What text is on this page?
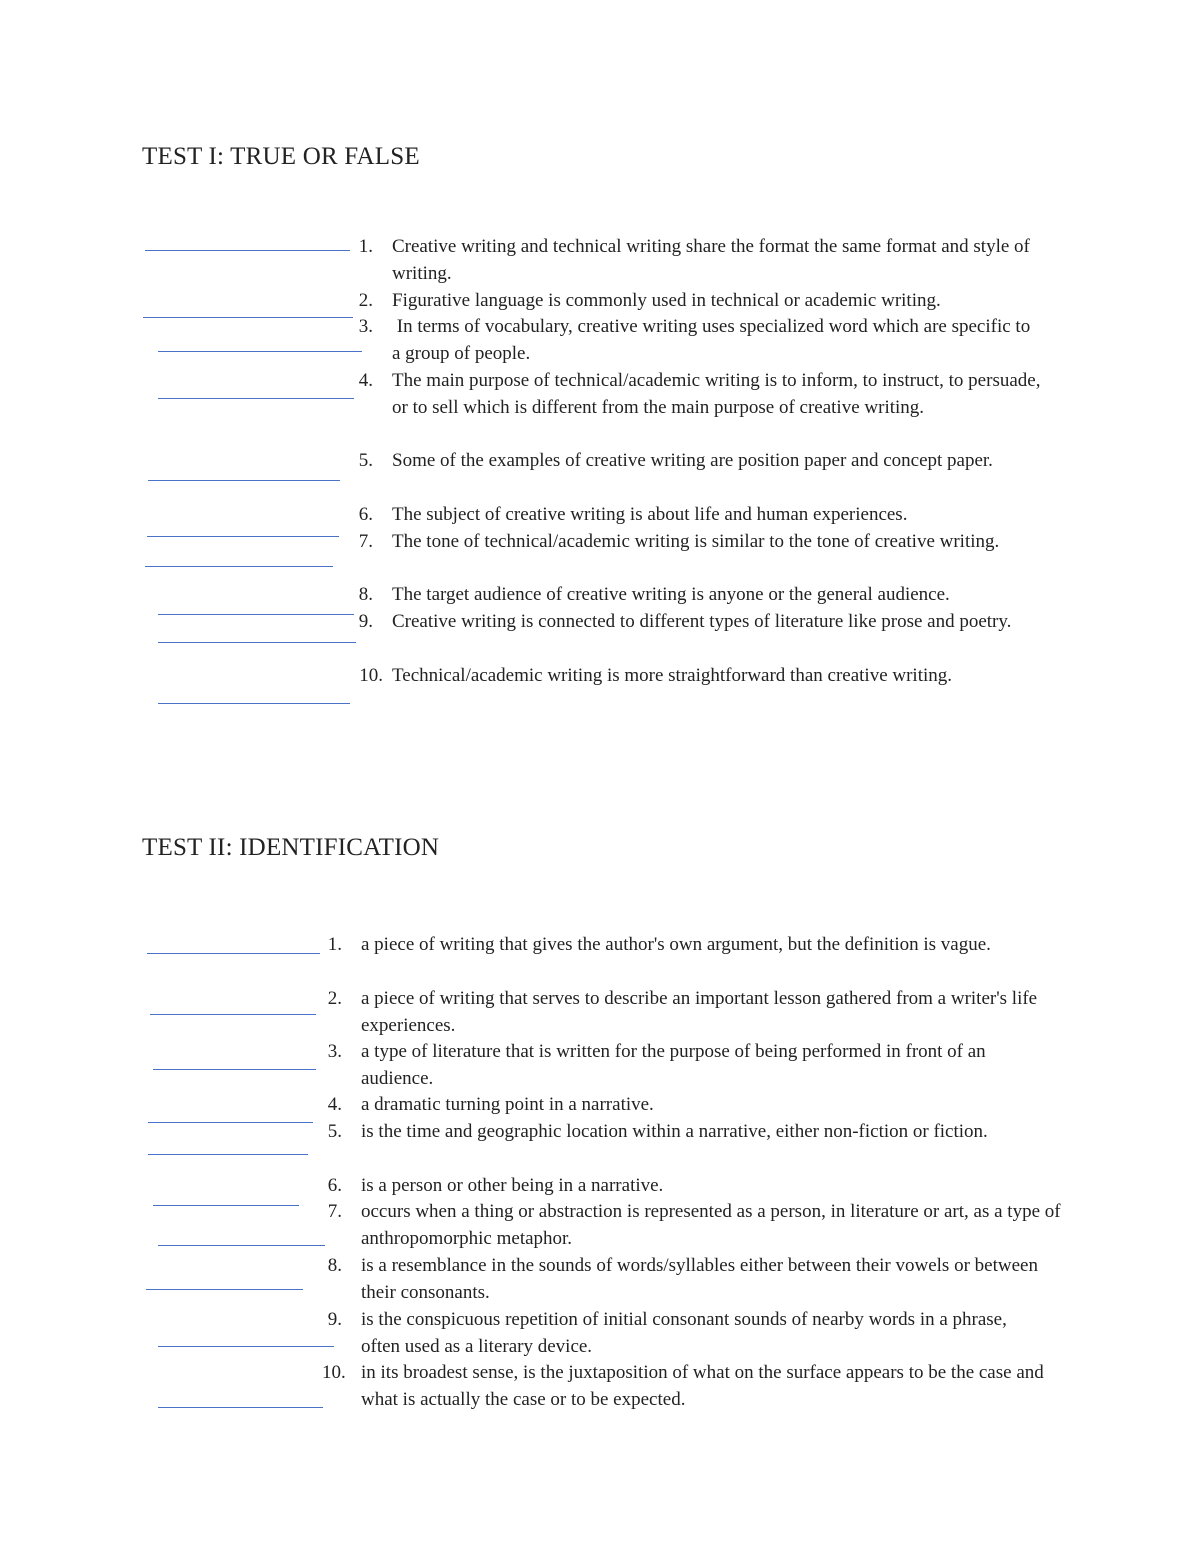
TEST I: TRUE OR FALSE
1. Creative writing and technical writing share the format the same format and style of writing.
2. Figurative language is commonly used in technical or academic writing.
3. In terms of vocabulary, creative writing uses specialized word which are specific to a group of people.
4. The main purpose of technical/academic writing is to inform, to instruct, to persuade, or to sell which is different from the main purpose of creative writing.
5. Some of the examples of creative writing are position paper and concept paper.
6. The subject of creative writing is about life and human experiences.
7. The tone of technical/academic writing is similar to the tone of creative writing.
8. The target audience of creative writing is anyone or the general audience.
9. Creative writing is connected to different types of literature like prose and poetry.
10. Technical/academic writing is more straightforward than creative writing.
TEST II: IDENTIFICATION
1. a piece of writing that gives the author's own argument, but the definition is vague.
2. a piece of writing that serves to describe an important lesson gathered from a writer's life experiences.
3. a type of literature that is written for the purpose of being performed in front of an audience.
4. a dramatic turning point in a narrative.
5. is the time and geographic location within a narrative, either non-fiction or fiction.
6. is a person or other being in a narrative.
7. occurs when a thing or abstraction is represented as a person, in literature or art, as a type of anthropomorphic metaphor.
8. is a resemblance in the sounds of words/syllables either between their vowels or between their consonants.
9. is the conspicuous repetition of initial consonant sounds of nearby words in a phrase, often used as a literary device.
10. in its broadest sense, is the juxtaposition of what on the surface appears to be the case and what is actually the case or to be expected.
